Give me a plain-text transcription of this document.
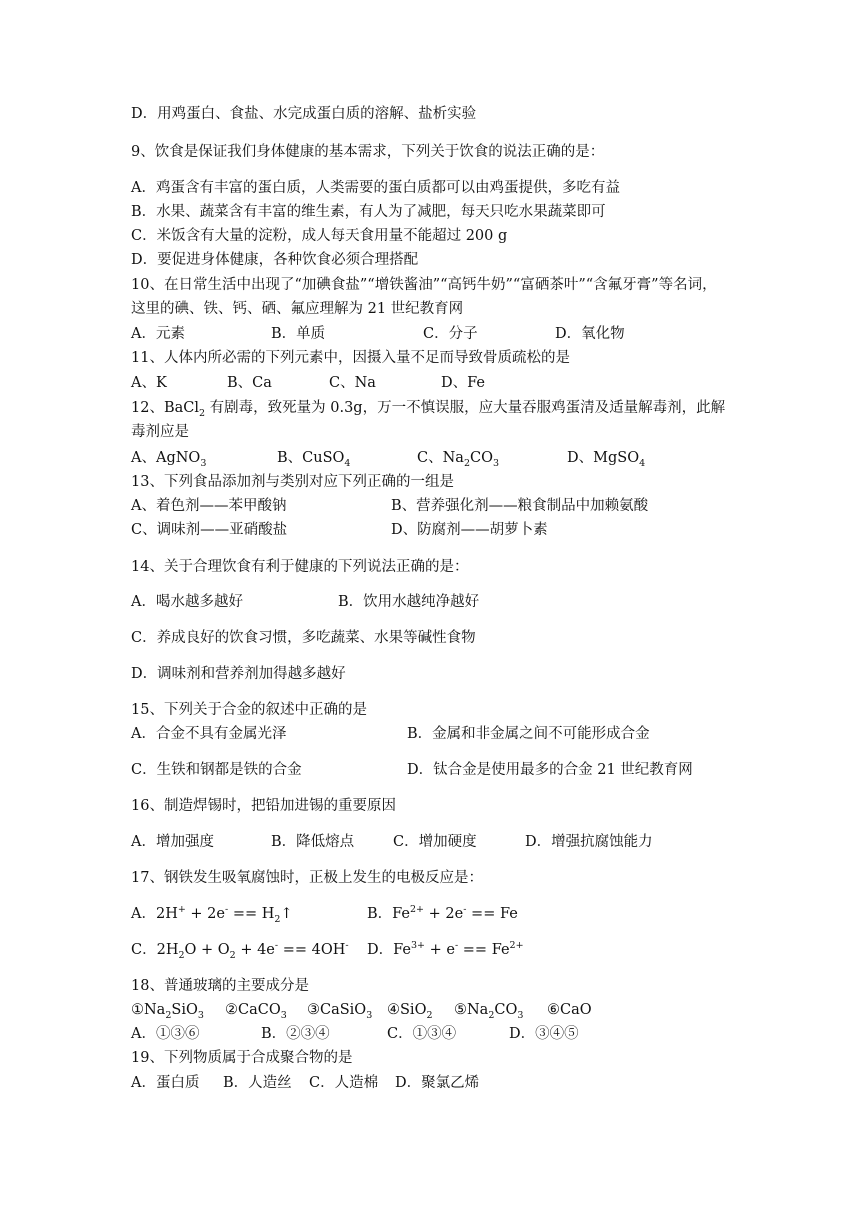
D．用鸡蛋白、食盐、水完成蛋白质的溶解、盐析实验
9、饮食是保证我们身体健康的基本需求，下列关于饮食的说法正确的是：
A．鸡蛋含有丰富的蛋白质，人类需要的蛋白质都可以由鸡蛋提供，多吃有益
B．水果、蔬菜含有丰富的维生素，有人为了减肥，每天只吃水果蔬菜即可
C．米饭含有大量的淀粉，成人每天食用量不能超过 200 g
D．要促进身体健康，各种饮食必须合理搭配
10、在日常生活中出现了“加碘食盐”“增铁酱油”“高钙牛奶”“富硒茶叶”“含氟牙膏”等名词，
这里的碘、铁、钙、硒、氟应理解为 21 世纪教育网
A．元素	B．单质	C．分子	D．氧化物
11、人体内所必需的下列元素中，因摄入量不足而导致骨质疏松的是
A、K	B、Ca	C、Na	D、Fe
12、BaCl$_2$ 有剧毒，致死量为 0.3g，万一不慎误服，应大量吞服鸡蛋清及适量解毒剂，此解
毒剂应是
A、AgNO$_3$	B、CuSO$_4$	C、$Na_2CO_3$	D、MgSO$_4$
13、下列食品添加剂与类别对应下列正确的一组是
A、着色剂——苯甲酸钠	B、营养强化剂——粮食制品中加赖氨酸
C、调味剂——亚硝酸盐	D、防腐剂——胡萝卜素
14、关于合理饮食有利于健康的下列说法正确的是：
A．喝水越多越好	B．饮用水越纯净越好
C．养成良好的饮食习惯，多吃蔬菜、水果等碱性食物
D．调味剂和营养剂加得越多越好
15、下列关于合金的叙述中正确的是
A．合金不具有金属光泽	B．金属和非金属之间不可能形成合金
C．生铁和钢都是铁的合金	D．钛合金是使用最多的合金 21 世纪教育网
16、制造焊锡时，把铅加进锡的重要原因
A．增加强度	B．降低熔点	C．增加硬度	D．增强抗腐蚀能力
17、钢铁发生吸氧腐蚀时，正极上发生的电极反应是：
A．$2H^+ + 2e^- == H_2↑$	B．$Fe^{2+} + 2e^- == Fe$
C．$2H_2O + O_2 + 4e^- == 4OH^-$ D．$Fe^{3+} + e^- == Fe^{2+}$
18、普通玻璃的主要成分是
$①Na_2SiO_3$ ②CaCO$_3$ ③CaSiO$_3$ ④SiO$_2$ $⑤Na_2CO_3$ ⑥CaO
A．①③⑥	B．②③④	C．①③④	D．③④⑤
19、下列物质属于合成聚合物的是
A．蛋白质 B．人造丝 C．人造棉 D．聚氯乙烯
